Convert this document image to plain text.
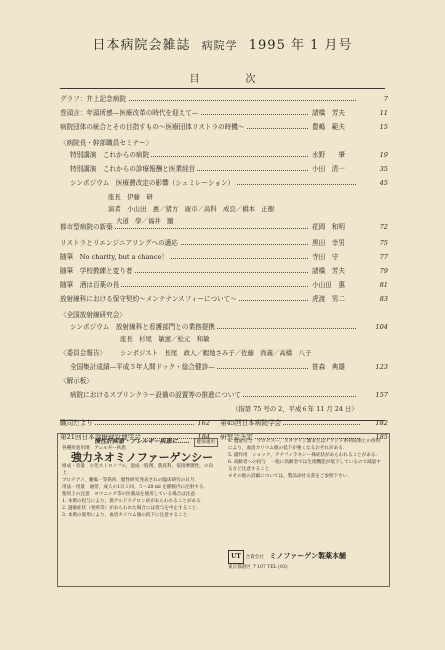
日本病院会雑誌 病院学 1995 年 1 月号
目次
グラフ：井上記念病院	7
巻頭言：年頭所感—医療改革の時代を迎えて—	諸橋　芳夫	11
病院団体の統合とその目指すもの〜医療団体リストラの時機〜	豊嶋　範夫	15
〈病院長・幹部職員セミナー〉
特別講演　これからの病院	水野　　肇	19
特別講演　これからの診療報酬と医業経営	小田　清一	35
シンポジウム　医療費改定の影響（シュミレーション）	45
都市型病院の新築	花岡　和明	72
リストラとリエンジニアリングへの適応	黒田　幸男	75
随筆　No charity, but a chance！	寺田　守	77
随筆　学校教練と変り者	諸橋　芳夫	79
随筆　酒は百薬の長	小山田　惠	81
放射線科における保守契約〜メンテナンスフィーについて〜	虎渡　男二	83
〈全国放射線研究会〉
シンポジウム　放射線科と看護部門との業務提携	104
〈委員会報告〉
全国集計成績—平成５年人間ドック・総合健診—	笹森　典雄	123
〈解示板〉
病院におけるスプリンクラー設備の設置等の推進について	157
座長　伊藤　研
演者　小山田　惠／猪方　廣市／高科　成良／橋本　正樹
大道　學／福井　顯
座長　杉尾　敏憲／松元　和敏
シンポジスト　長尾　政人／蝦地さみ子／佐藤　尚義／高橋　八子
（指第 75 号の 2，平成６年 11 月 24 日）
職司だより	162
第21回日本診療録管理学会	184
第45回日本病院学会	182
研究会予定	185
健保適用
慢性肝疾患・アレルギー疾患に……
各種疾患用剤　アレルギー疾患
強力ネオミノファーゲンシー
組成・容量　小児ストロノフル，混成一般剤，農産科，依接摩擦性，の向上．
プロテアノ，腫瘍一等筋肉．健性研究発表されの臨床研究の日月．
用法・用量　通常，成人の1日１回，５〜20 ml を静脈内に注射する．
使用上の注意　ヨウニック等の医薬品を使用している場合は注意．
1. 本剤の投与により，偽アルドステロン症があらわれることがある．
2. 過敏症状（発疹等）があらわれた場合には投与を中止すること．
3. 本剤の使用により，血清カリウム値の低下に注意すること．
4. 過量投与　プロセスー，スタグリジ類またはチアジド系利尿剤との併用により，血清カリウム値の低下が強くなるおそれがある．
5. 副作用　ショック，アナフィラキシー様症状があらわれることがある．
6. 高齢者への投与　一般に高齢者では生理機能が低下しているので減量するなど注意すること．
＊その他の詳細については，製品添付文書をご参照下さい．
UT 合資会社 ミノファーゲン製薬本舗
東京都港区 〒107 TEL (03)
